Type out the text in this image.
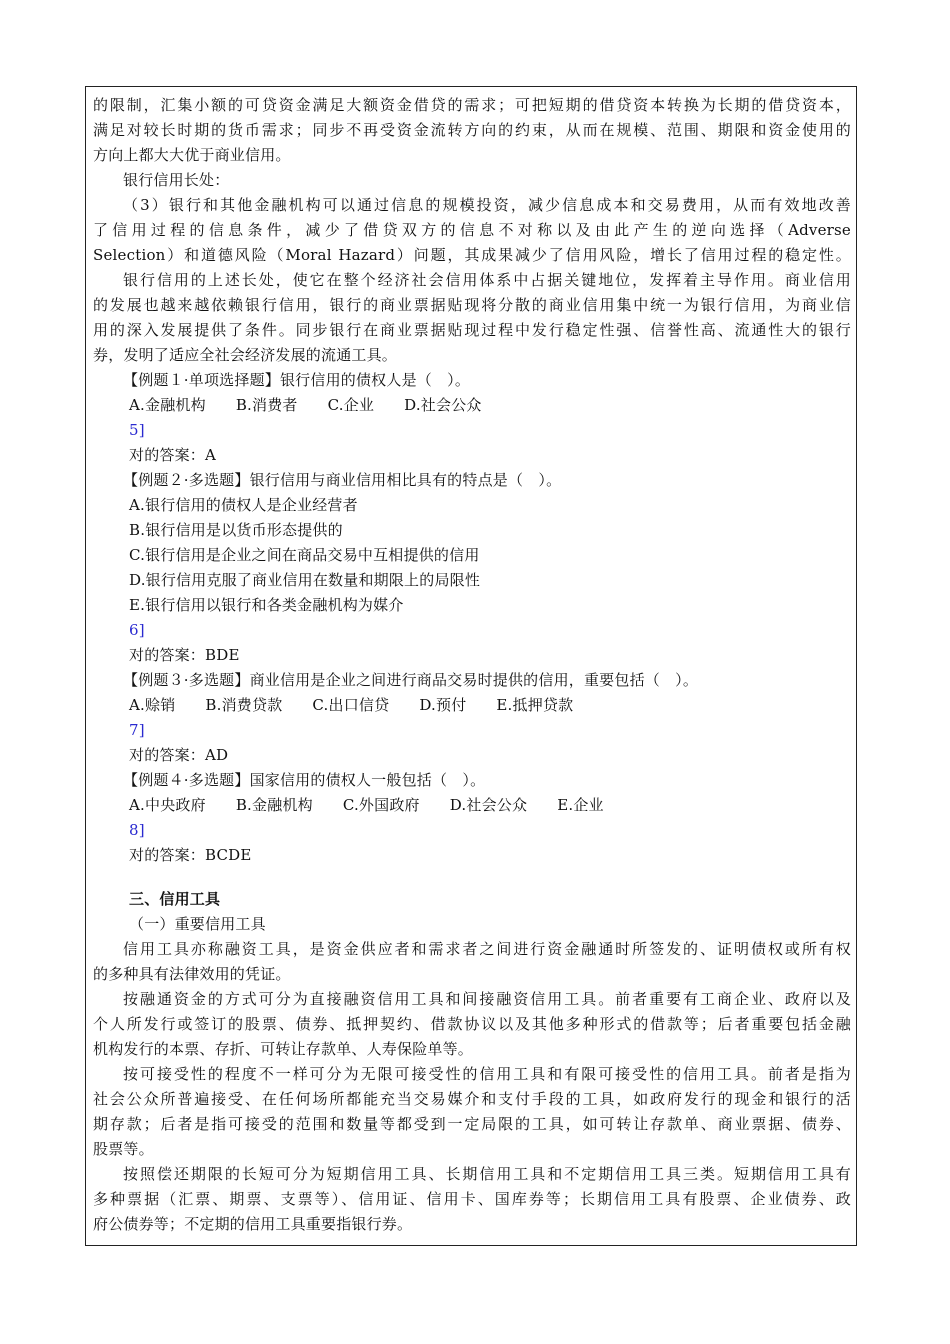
的限制，汇集小额的可贷资金满足大额资金借贷的需求；可把短期的借贷资本转换为长期的借贷资本，
满足对较长时期的货币需求；同步不再受资金流转方向的约束，从而在规模、范围、期限和资金使用的
方向上都大大优于商业信用。
银行信用长处：
（3）银行和其他金融机构可以通过信息的规模投资，减少信息成本和交易费用，从而有效地改善
了信用过程的信息条件，减少了借贷双方的信息不对称以及由此产生的逆向选择（Adverse
Selection）和道德风险（Moral Hazard）问题，其成果减少了信用风险，增长了信用过程的稳定性。
银行信用的上述长处，使它在整个经济社会信用体系中占据关键地位，发挥着主导作用。商业信用
的发展也越来越依赖银行信用，银行的商业票据贴现将分散的商业信用集中统一为银行信用，为商业信
用的深入发展提供了条件。同步银行在商业票据贴现过程中发行稳定性强、信誉性高、流通性大的银行
券，发明了适应全社会经济发展的流通工具。
【例题１·单项选择题】银行信用的债权人是（　）。
A.金融机构 B.消费者 C.企业 D.社会公众
5]
对的答案：A
【例题２·多选题】银行信用与商业信用相比具有的特点是（　）。
A.银行信用的债权人是企业经营者
B.银行信用是以货币形态提供的
C.银行信用是企业之间在商品交易中互相提供的信用
D.银行信用克服了商业信用在数量和期限上的局限性
E.银行信用以银行和各类金融机构为媒介
6]
对的答案：BDE
【例题３·多选题】商业信用是企业之间进行商品交易时提供的信用，重要包括（　）。
A.赊销 B.消费贷款 C.出口信贷 D.预付 E.抵押贷款
7]
对的答案：AD
【例题４·多选题】国家信用的债权人一般包括（　）。
A.中央政府 B.金融机构 C.外国政府 D.社会公众 E.企业
8]
对的答案：BCDE
三、信用工具
（一）重要信用工具
信用工具亦称融资工具，是资金供应者和需求者之间进行资金融通时所签发的、证明债权或所有权
的多种具有法律效用的凭证。
按融通资金的方式可分为直接融资信用工具和间接融资信用工具。前者重要有工商企业、政府以及
个人所发行或签订的股票、债券、抵押契约、借款协议以及其他多种形式的借款等；后者重要包括金融
机构发行的本票、存折、可转让存款单、人寿保险单等。
按可接受性的程度不一样可分为无限可接受性的信用工具和有限可接受性的信用工具。前者是指为
社会公众所普遍接受、在任何场所都能充当交易媒介和支付手段的工具，如政府发行的现金和银行的活
期存款；后者是指可接受的范围和数量等都受到一定局限的工具，如可转让存款单、商业票据、债券、
股票等。
按照偿还期限的长短可分为短期信用工具、长期信用工具和不定期信用工具三类。短期信用工具有
多种票据（汇票、期票、支票等）、信用证、信用卡、国库券等；长期信用工具有股票、企业债券、政
府公债券等；不定期的信用工具重要指银行券。
